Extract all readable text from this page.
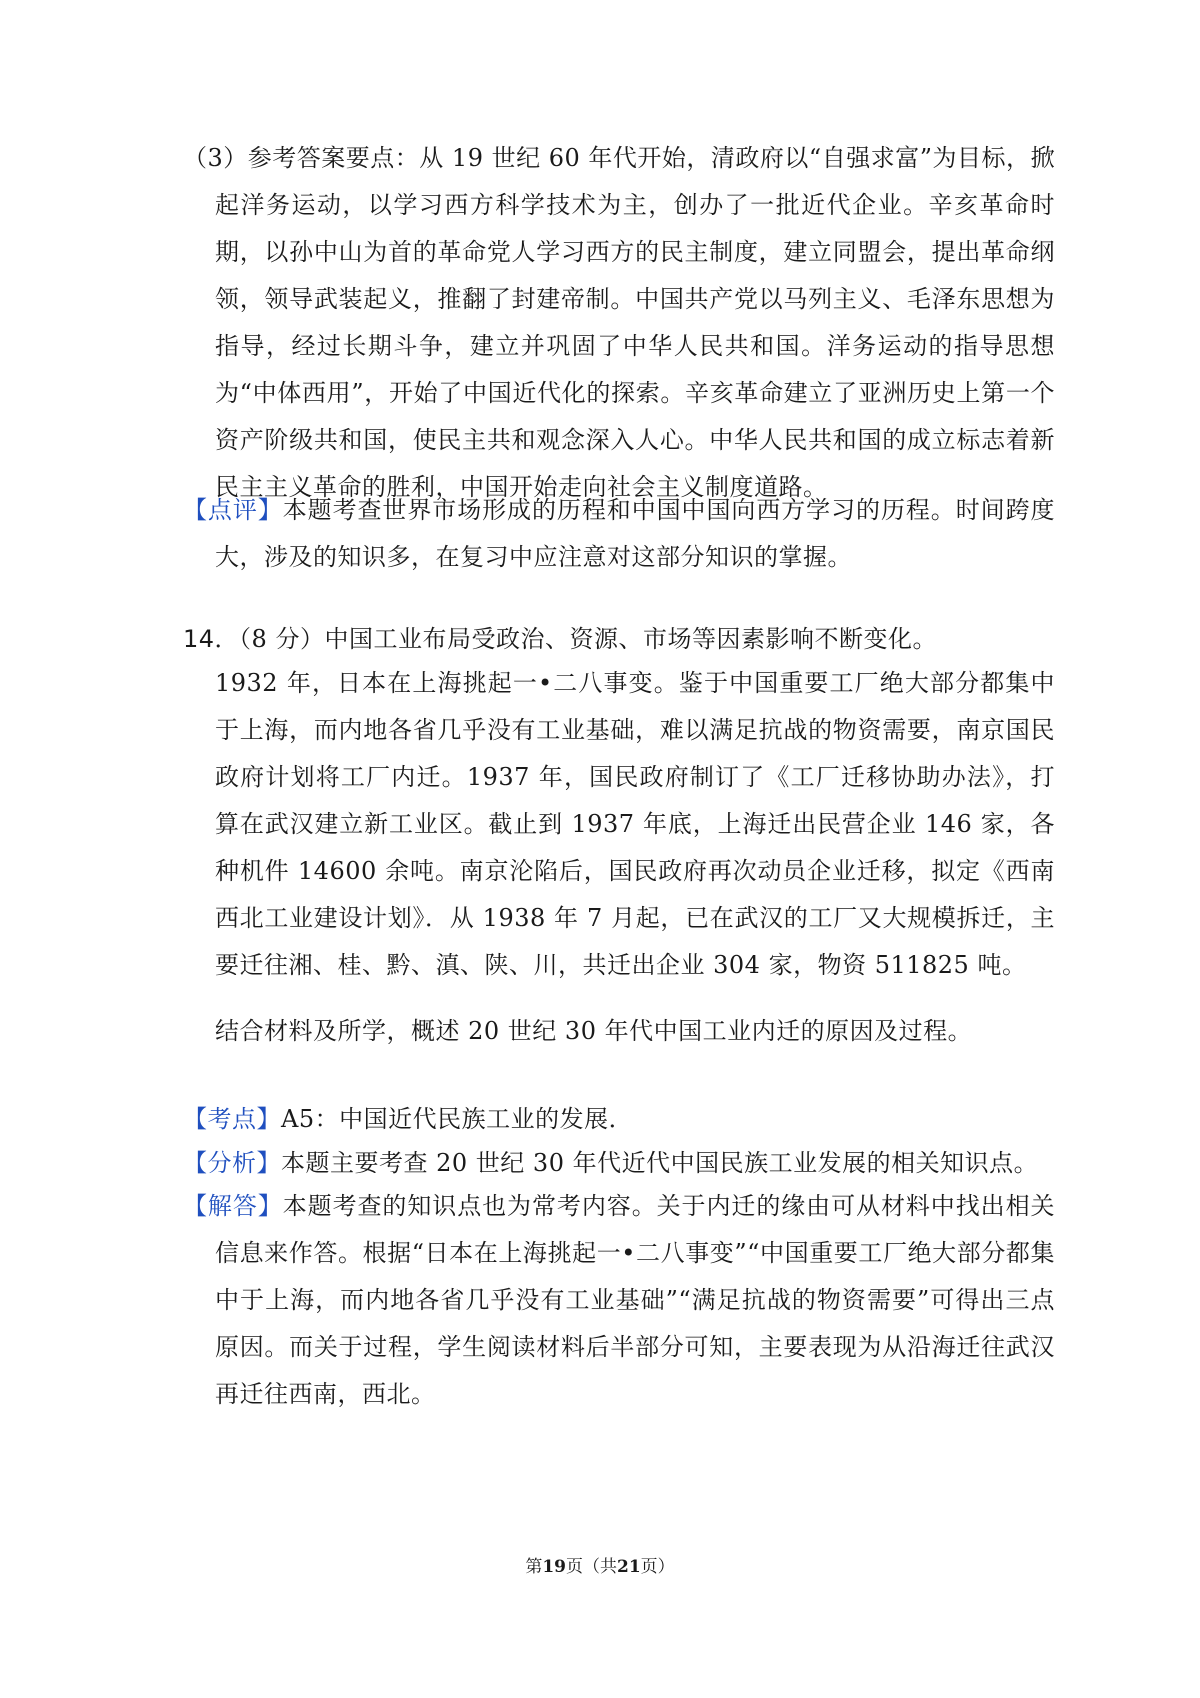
（3）参考答案要点：从 19 世纪 60 年代开始，清政府以“自强求富”为目标，掀起洋务运动，以学习西方科学技术为主，创办了一批近代企业。辛亥革命时期，以孙中山为首的革命党人学习西方的民主制度，建立同盟会，提出革命纲领，领导武装起义，推翻了封建帝制。中国共产党以马列主义、毛泽东思想为指导，经过长期斗争，建立并巩固了中华人民共和国。洋务运动的指导思想为“中体西用”，开始了中国近代化的探索。辛亥革命建立了亚洲历史上第一个资产阶级共和国，使民主共和观念深入人心。中华人民共和国的成立标志着新民主主义革命的胜利，中国开始走向社会主义制度道路。

【点评】本题考查世界市场形成的历程和中国中国向西方学习的历程。时间跨度大，涉及的知识多，在复习中应注意对这部分知识的掌握。

14．（8 分）中国工业布局受政治、资源、市场等因素影响不断变化。

1932 年，日本在上海挑起一•二八事变。鉴于中国重要工厂绝大部分都集中于上海，而内地各省几乎没有工业基础，难以满足抗战的物资需要，南京国民政府计划将工厂内迁。1937 年，国民政府制订了《工厂迁移协助办法》，打算在武汉建立新工业区。截止到 1937 年底，上海迁出民营企业 146 家，各种机件 14600 余吨。南京沦陷后，国民政府再次动员企业迁移，拟定《西南西北工业建设计划》．从 1938 年 7 月起，已在武汉的工厂又大规模拆迁，主要迁往湘、桂、黔、滇、陕、川，共迁出企业 304 家，物资 511825 吨。

结合材料及所学，概述 20 世纪 30 年代中国工业内迁的原因及过程。

【考点】A5：中国近代民族工业的发展．

【分析】本题主要考查 20 世纪 30 年代近代中国民族工业发展的相关知识点。

【解答】本题考查的知识点也为常考内容。关于内迁的缘由可从材料中找出相关信息来作答。根据“日本在上海挑起一•二八事变”“中国重要工厂绝大部分都集中于上海，而内地各省几乎没有工业基础”“满足抗战的物资需要”可得出三点原因。而关于过程，学生阅读材料后半部分可知，主要表现为从沿海迁往武汉再迁往西南，西北。

第19页（共21页）
